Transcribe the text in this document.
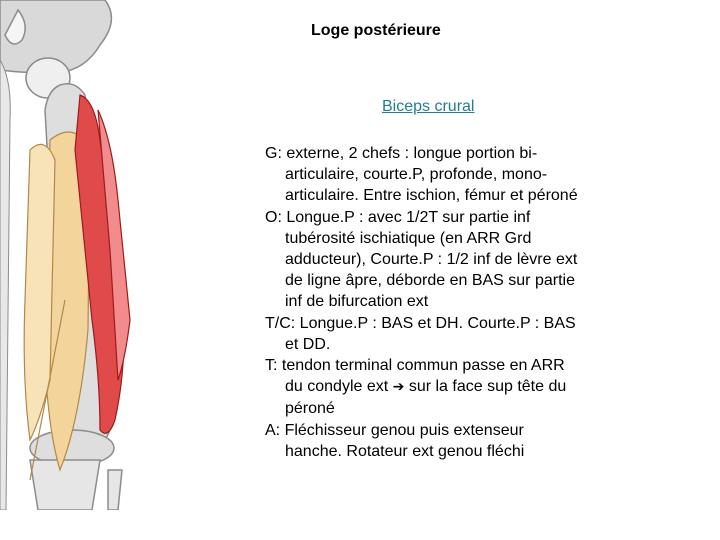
Loge postérieure
Biceps crural
G: externe, 2 chefs : longue portion bi-
articulaire, courte.P, profonde, mono-
articulaire. Entre ischion, fémur et péroné
O: Longue.P : avec 1/2T sur partie inf
tubérosité ischiatique (en ARR Grd
adducteur), Courte.P : 1/2 inf de lèvre ext
de ligne âpre, déborde en BAS sur partie
inf de bifurcation ext
T/C: Longue.P : BAS et DH. Courte.P : BAS
et DD.
T: tendon terminal commun passe en ARR
du condyle ext ➔ sur la face sup tête du
péroné
A: Fléchisseur genou puis extenseur
hanche. Rotateur ext genou fléchi
